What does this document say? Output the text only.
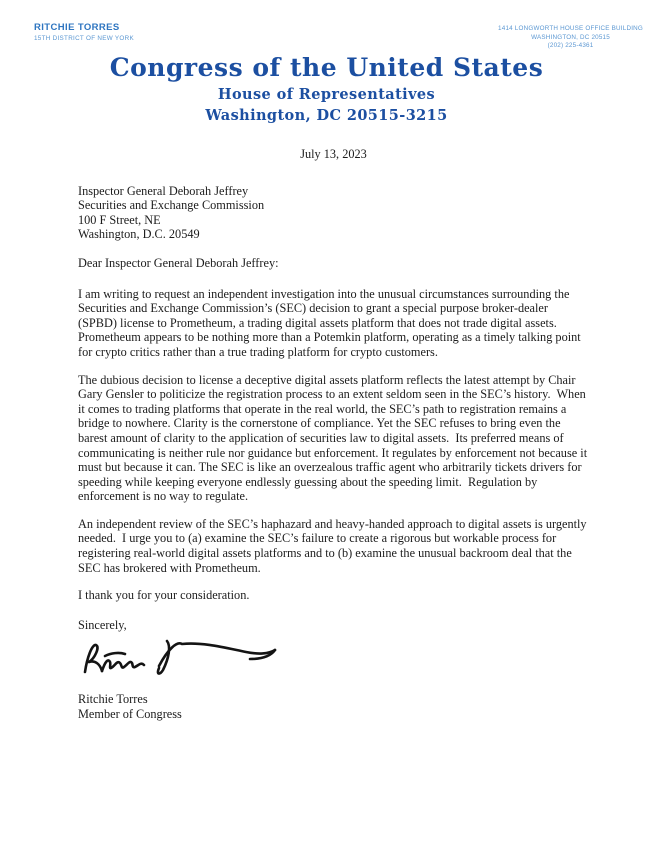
RITCHIE TORRES
15TH DISTRICT OF NEW YORK
1414 LONGWORTH HOUSE OFFICE BUILDING
WASHINGTON, DC 20515
(202) 225-4361
Congress of the United States
House of Representatives
Washington, DC 20515-3215
July 13, 2023
Inspector General Deborah Jeffrey
Securities and Exchange Commission
100 F Street, NE
Washington, D.C. 20549
Dear Inspector General Deborah Jeffrey:

I am writing to request an independent investigation into the unusual circumstances surrounding the Securities and Exchange Commission’s (SEC) decision to grant a special purpose broker-dealer (SPBD) license to Prometheum, a trading digital assets platform that does not trade digital assets.  Prometheum appears to be nothing more than a Potemkin platform, operating as a timely talking point for crypto critics rather than a true trading platform for crypto customers.

The dubious decision to license a deceptive digital assets platform reflects the latest attempt by Chair Gary Gensler to politicize the registration process to an extent seldom seen in the SEC’s history.  When it comes to trading platforms that operate in the real world, the SEC’s path to registration remains a bridge to nowhere. Clarity is the cornerstone of compliance. Yet the SEC refuses to bring even the barest amount of clarity to the application of securities law to digital assets.  Its preferred means of communicating is neither rule nor guidance but enforcement. It regulates by enforcement not because it must but because it can. The SEC is like an overzealous traffic agent who arbitrarily tickets drivers for speeding while keeping everyone endlessly guessing about the speeding limit.  Regulation by enforcement is no way to regulate.

An independent review of the SEC’s haphazard and heavy-handed approach to digital assets is urgently needed.  I urge you to (a) examine the SEC’s failure to create a rigorous but workable process for registering real-world digital assets platforms and to (b) examine the unusual backroom deal that the SEC has brokered with Prometheum.

I thank you for your consideration.
Sincerely,
Ritchie Torres
Member of Congress
